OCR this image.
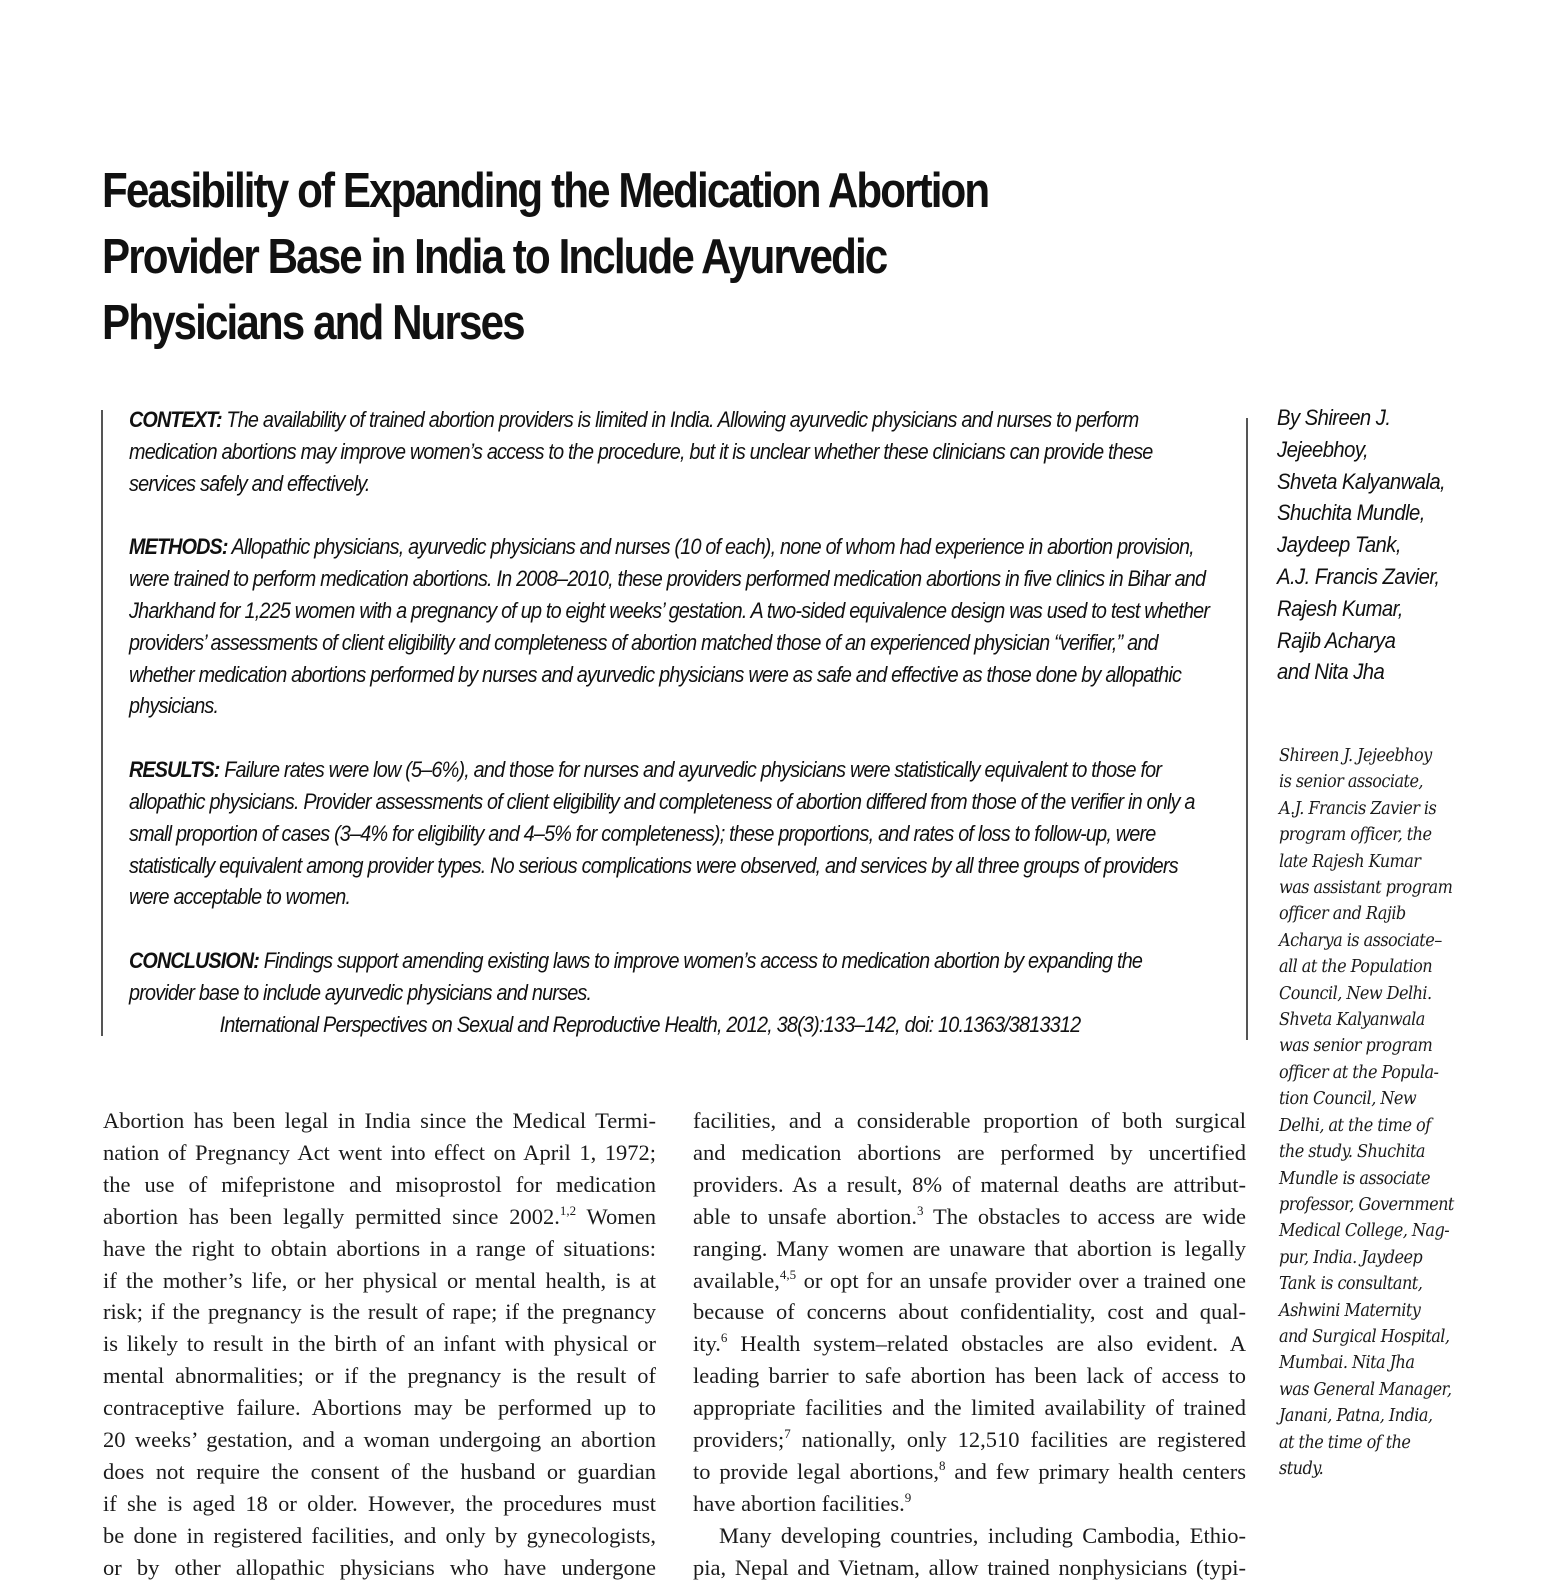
Feasibility of Expanding the Medication Abortion
Provider Base in India to Include Ayurvedic
Physicians and Nurses

CONTEXT: The availability of trained abortion providers is limited in India. Allowing ayurvedic physicians and nurses to perform medication abortions may improve women’s access to the procedure, but it is unclear whether these clinicians can provide these services safely and effectively.

METHODS: Allopathic physicians, ayurvedic physicians and nurses (10 of each), none of whom had experience in abortion provision, were trained to perform medication abortions. In 2008–2010, these providers performed medication abortions in five clinics in Bihar and Jharkhand for 1,225 women with a pregnancy of up to eight weeks’ gestation. A two-sided equivalence design was used to test whether providers’ assessments of client eligibility and completeness of abortion matched those of an experienced physician “verifier,” and whether medication abortions performed by nurses and ayurvedic physicians were as safe and effective as those done by allopathic physicians.

RESULTS: Failure rates were low (5–6%), and those for nurses and ayurvedic physicians were statistically equivalent to those for allopathic physicians. Provider assessments of client eligibility and completeness of abortion differed from those of the verifier in only a small proportion of cases (3–4% for eligibility and 4–5% for completeness); these proportions, and rates of loss to follow-up, were statistically equivalent among provider types. No serious complications were observed, and services by all three groups of providers were acceptable to women.

CONCLUSION: Findings support amending existing laws to improve women’s access to medication abortion by expanding the provider base to include ayurvedic physicians and nurses.

International Perspectives on Sexual and Reproductive Health, 2012, 38(3):133–142, doi: 10.1363/3813312

By Shireen J.
Jejeebhoy,
Shveta Kalyanwala,
Shuchita Mundle,
Jaydeep Tank,
A.J. Francis Zavier,
Rajesh Kumar,
Rajib Acharya
and Nita Jha
Shireen J. Jejeebhoy
is senior associate,
A.J. Francis Zavier is
program officer, the
late Rajesh Kumar
was assistant program
officer and Rajib
Acharya is associate–
all at the Population
Council, New Delhi.
Shveta Kalyanwala
was senior program
officer at the Popula-
tion Council, New
Delhi, at the time of
the study. Shuchita
Mundle is associate
professor, Government
Medical College, Nag-
pur, India. Jaydeep
Tank is consultant,
Ashwini Maternity
and Surgical Hospital,
Mumbai. Nita Jha
was General Manager,
Janani, Patna, India,
at the time of the
study.
Abortion has been legal in India since the Medical Termi-
nation of Pregnancy Act went into effect on April 1, 1972;
the use of mifepristone and misoprostol for medication
abortion has been legally permitted since 2002.$^{1,2}$ Women
have the right to obtain abortions in a range of situations:
if the mother’s life, or her physical or mental health, is at
risk; if the pregnancy is the result of rape; if the pregnancy
is likely to result in the birth of an infant with physical or
mental abnormalities; or if the pregnancy is the result of
contraceptive failure. Abortions may be performed up to
20 weeks’ gestation, and a woman undergoing an abortion
does not require the consent of the husband or guardian
if she is aged 18 or older. However, the procedures must
be done in registered facilities, and only by gynecologists,
or by other allopathic physicians who have undergone
facilities, and a considerable proportion of both surgical
and medication abortions are performed by uncertified
providers. As a result, 8% of maternal deaths are attribut-
able to unsafe abortion.$^3$ The obstacles to access are wide
ranging. Many women are unaware that abortion is legally
available,$^{4,5}$ or opt for an unsafe provider over a trained one
because of concerns about confidentiality, cost and qual-
ity.$^6$ Health system–related obstacles are also evident. A
leading barrier to safe abortion has been lack of access to
appropriate facilities and the limited availability of trained
providers;$^7$ nationally, only 12,510 facilities are registered
to provide legal abortions,$^8$ and few primary health centers
have abortion facilities.$^9$
Many developing countries, including Cambodia, Ethio-
pia, Nepal and Vietnam, allow trained nonphysicians (typi-
